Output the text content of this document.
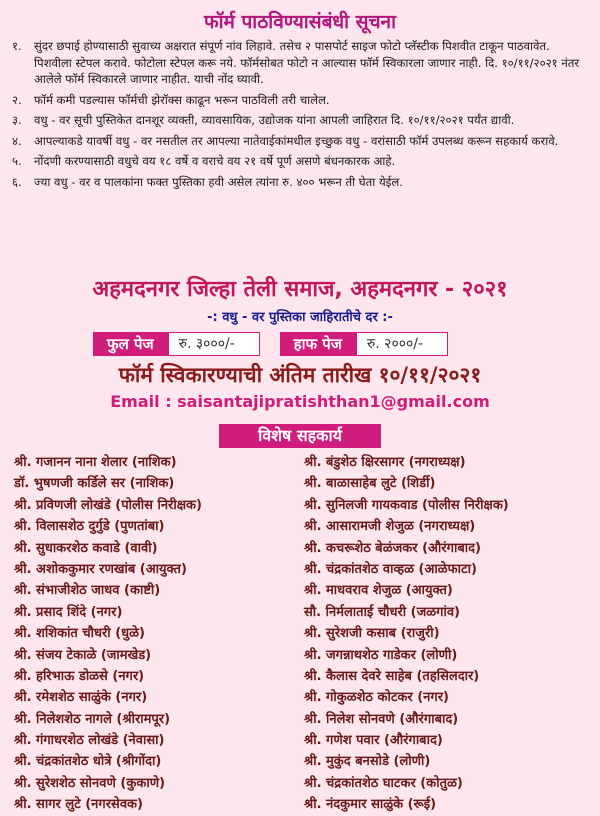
फॉर्म पाठविण्यासंबंधी सूचना
१.	सुंदर छपाई होण्यासाठी सुवाच्य अक्षरात संपूर्ण नांव लिहावे. तसेच २ पासपोर्ट साइज फोटो प्लॅस्टीक पिशवीत टाकून पाठवावेत. पिशवीला स्टेपल करावे. फोटोला स्टेपल करू नये. फॉर्मसोबत फोटो न आल्यास फॉर्म स्विकारला जाणार नाही. दि. १०/११/२०२१ नंतर आलेले फॉर्म स्विकारले जाणार नाहीत. याची नोंद घ्यावी.
२.	फॉर्म कमी पडल्यास फॉर्मची झेरॉक्स काढून भरून पाठविली तरी चालेल.
३.	वधु - वर सूची पुस्तिकेत दानशूर व्यक्ती, व्यावसायिक, उद्योजक यांना आपली जाहिरात दि. १०/११/२०२१ पर्यंत द्यावी.
४.	आपल्याकडे यावर्षी वधु - वर नसतील तर आपल्या नातेवाईकांमधील इच्छुक वधु - वरांसाठी फॉर्म उपलब्ध करून सहकार्य करावे.
५.	नोंदणी करण्यासाठी वधुचे वय १८ वर्षे व वराचे वय २१ वर्षे पूर्ण असणे बंधनकारक आहे.
६.	ज्या वधु - वर व पालकांना फक्त पुस्तिका हवी असेल त्यांना रु. ४०० भरून ती घेता येईल.
अहमदनगर जिल्हा तेली समाज, अहमदनगर - २०२१
-: वधु - वर पुस्तिका जाहिरातीचे दर :-
फुल पेज	रु. ३०००/-	हाफ पेज	रु. २०००/-
फॉर्म स्विकारण्याची अंतिम तारीख १०/११/२०२१
Email : saisantajipratishthan1@gmail.com
विशेष सहकार्य
श्री. गजानन नाना शेलार (नाशिक)
डॉ. भुषणजी कर्डिले सर (नाशिक)
श्री. प्रविणजी लोखंडे (पोलीस निरीक्षक)
श्री. विलासशेठ दुर्गुडे (पुणतांबा)
श्री. सुधाकरशेठ कवाडे (वावी)
श्री. अशोककुमार रणखांब (आयुक्त)
श्री. संभाजीशेठ जाधव (काष्टी)
श्री. प्रसाद शिंदे (नगर)
श्री. शशिकांत चौधरी (धुळे)
श्री. संजय टेकाळे (जामखेड)
श्री. हरिभाऊ डोळसे (नगर)
श्री. रमेशशेठ साळुंके (नगर)
श्री. निलेशशेठ नागले (श्रीरामपूर)
श्री. गंगाधरशेठ लोखंडे (नेवासा)
श्री. चंद्रकांतशेठ धोत्रे (श्रीगोंदा)
श्री. सुरेशशेठ सोनवणे (कुकाणे)
श्री. सागर लुटे (नगरसेवक)
श्री. बंडुशेठ क्षिरसागर (नगराध्यक्ष)
श्री. बाळासाहेब लुटे (शिर्डी)
श्री. सुनिलजी गायकवाड (पोलीस निरीक्षक)
श्री. आसारामजी शेजुळ (नगराध्यक्ष)
श्री. कचरूशेठ बेळंजकर (औरंगाबाद)
श्री. चंद्रकांतशेठ वाव्हळ (आळेफाटा)
श्री. माधवराव शेजुळ (आयुक्त)
सौ. निर्मलाताई चौधरी (जळगांव)
श्री. सुरेशजी कसाब (राजुरी)
श्री. जगन्नाथशेठ गाडेकर (लोणी)
श्री. कैलास देवरे साहेब (तहसिलदार)
श्री. गोकुळशेठ कोटकर (नगर)
श्री. निलेश सोनवणे (औरंगाबाद)
श्री. गणेश पवार (औरंगाबाद)
श्री. मुकुंद बनसोडे (लोणी)
श्री. चंद्रकांतशेठ घाटकर (कोतुळ)
श्री. नंदकुमार साळुंके (रूई)
